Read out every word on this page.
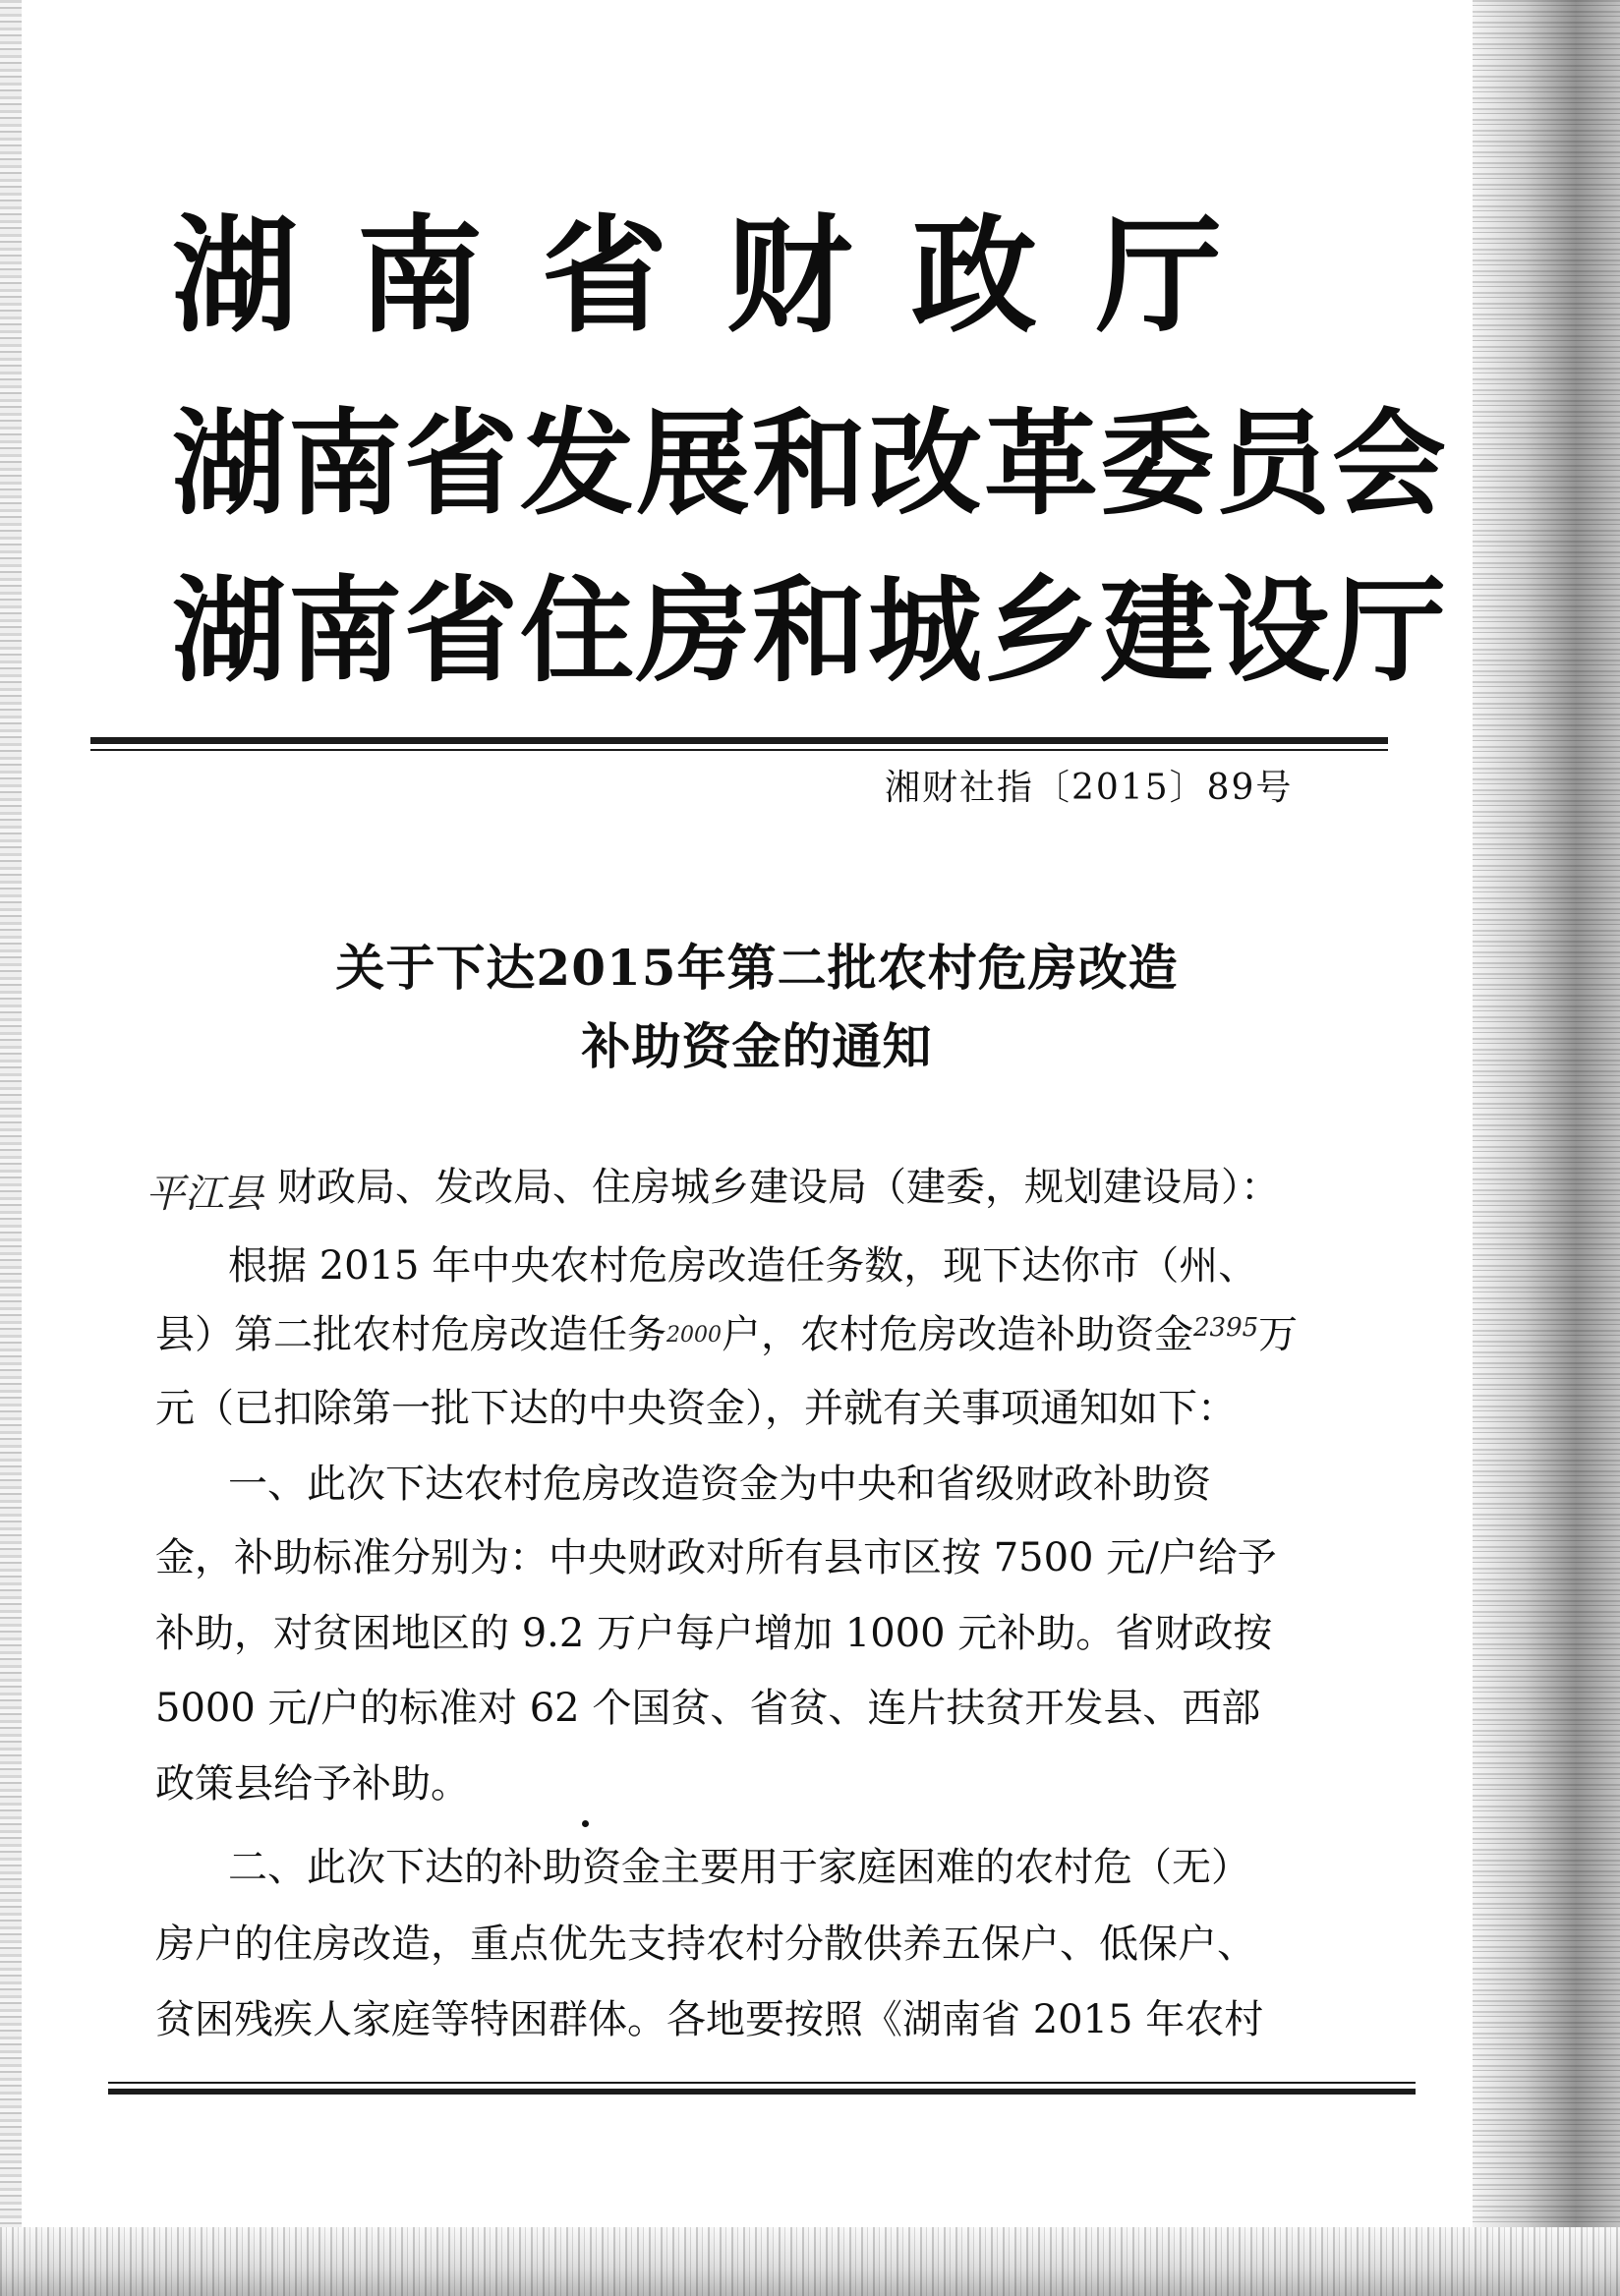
湖南省财政厅
湖南省发展和改革委员会
湖南省住房和城乡建设厅
湘财社指〔2015〕89号
关于下达2015年第二批农村危房改造
补助资金的通知
平江县 财政局、发改局、住房城乡建设局（建委，规划建设局）：
根据 2015 年中央农村危房改造任务数，现下达你市（州、
县）第二批农村危房改造任务2000户，农村危房改造补助资金$^{2395}$万
元（已扣除第一批下达的中央资金），并就有关事项通知如下：
一、此次下达农村危房改造资金为中央和省级财政补助资
金，补助标准分别为：中央财政对所有县市区按 7500 元/户给予
补助，对贫困地区的 9.2 万户每户增加 1000 元补助。省财政按
5000 元/户的标准对 62 个国贫、省贫、连片扶贫开发县、西部
政策县给予补助。
二、此次下达的补助资金主要用于家庭困难的农村危（无）
房户的住房改造，重点优先支持农村分散供养五保户、低保户、
贫困残疾人家庭等特困群体。各地要按照《湖南省 2015 年农村
